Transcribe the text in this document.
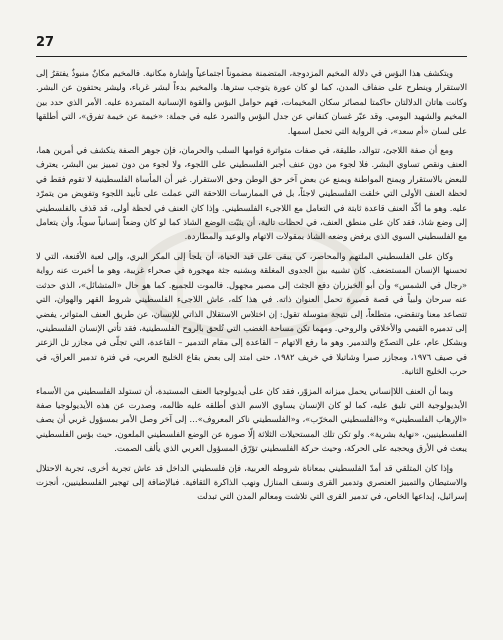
27

ويتكشف هذا البؤس في دلالة المخيم المزدوجة، المتضمنة مضموناً اجتماعياً وإشارة مكانية. فالمخيم مكانٌ منبوذٌ يفتقرُ إلى الاستقرار وينطرح على ضفاف المدن، كما لو كان عورة يتوجب سترها. والمخيم بدءاً لبشر غرباء، وليشر يحتفون عن البشر. وكانت هاتان الدلالتان حاكمتا لمصائر سكان المخيمات، فهم حوامل البؤس والقوة الإنسانية المتمردة عليه. الأمر الذي حدد بين المخيم والشهيد اليومي. وقد عبّر غسان كنفاني عن جدل البؤس والتمرد عليه في جملة: «خيمة عن خيمة تفرق»، التي أطلقها على لسان «أم سعد»، في الرواية التي تحمل اسمها.

ومع أن صفة اللاجئ، تتوالد، طليقة، في صفات متواترة قوامها السلب والحرمان، فإن جوهر الصفة ينكشف في أمرين هما، العنف ونقص تساوي البشر. فلا لجوء من دون عنف أجبر الفلسطيني على اللجوء، ولا لجوء من دون تمييز بين البشر، يعترف للبعض بالاستقرار ويمنح المواطنة ويمنع عن بعض آخر حق الوطن وحق الاستقرار. غير أن المأساة الفلسطينية لا تقوم فقط في لحظة العنف الأولى التي خلقت الفلسطيني لاجئاً، بل في الممارسات اللاحقة التي عملت على تأبيد اللجوء وتفويض من يتمرّد عليه. وهو ما أكّد العنف قاعدة ثابتة في التعامل مع اللاجىء الفلسطيني. وإذا كان العنف في لحظة أولى، قد قذف بالفلسطيني إلى وضع شاذ، فقد كان على منطق العنف، في لحظات تالية، أن يثبّت الوضع الشاذ كما لو كان وضعاً إنسانياً سوياً، وأن يتعامل مع الفلسطيني السوي الذي يرفض وضعه الشاذ بمقولات الاتهام والوعيد والمطاردة.

وكان على الفلسطيني الملتهم والمحاصر، كي يبقى على قيد الحياة، أن يلجأ إلى المكر البري، وإلى لعبة الأقنعة، التي لا تحسنها الإنسان المستضعف. كان تشبيه بين الجدوى المغلقة وبشنبه جثة مهجورة في صحراء غريبة، وهو ما أخبرت عنه رواية «رجال في الشمس» وأن أبو الخيزران دفع الجثث إلى مصير مجهول. فالموت للجميع. كما هو حال «المتشائل»، الذي حدثت عنه سرحان ولبياً في قصة قصيرة تحمل العنوان ذاته. في هذا كله، عاش اللاجىء الفلسطيني شروط القهر والهوان، التي تتصاعد معنا وتنقضي، متطلعاً، إلى نتيجة متوسلة تقول: إن اختلاس الاستقلال الذاتي للإنسان، عن طريق العنف المتواتر، يفضي إلى تدميره القيمي والأخلاقي والروحي. ومهما تكن مساحة الغضب التي تُلحق بالروح الفلسطينية، فقد تأتي الإنسان الفلسطيني، وبشكل عام، على التصدّع والتدمير. وهو ما رفع الاتهام – القاعدة إلى مقام التدمير – القاعدة، التي تجلّى في مجازر تل الزعتر في صيف ١٩٧٦، ومجازر صبرا وشاتيلا في خريف ١٩٨٢، حتى امتد إلى بعض بقاع الخليج العربي، في فترة تدمير العراق، في حرب الخليج الثانية.

وبما أن العنف اللاإنساني يحمل ميزانه المزوّر، فقد كان على أيديولوجيا العنف المستبدة، أن تستولد الفلسطيني من الأسماء الأيديولوجية التي تليق عليه، كما لو كان الإنسان يساوي الاسم الذي أطلقه عليه ظالمه، وصدرت عن هذه الأيديولوجيا صفة «الإرهاب الفلسطيني» و«الفلسطيني المخرّب»، و«الفلسطيني ناكر المعروف»… إلى آخر وصل الأمر بمسؤول غربي أن يصف الفلسطينيين، «نهاية بشرية». ولو تكن تلك المستحيلات الثلاثة إلّا صورة عن الوضع الفلسطيني الملعون، حيث بؤس الفلسطيني يبعث في الأرق ويحجبه على الحركة، وحيث حركة الفلسطيني تؤرّق المسؤول العربي الذي يألف الصمت.

وإذا كان المتلقي قد أمدّ الفلسطيني بمعاناة شروطه العربية، فإن فلسطيني الداخل قد عاش تجربة أخرى، تجربة الاحتلال والاستيطان والتمييز العنصري وتدمير القرى ونسف المنازل ونهب الذاكرة الثقافية. فبالإضافة إلى تهجير الفلسطينيين، أنجزت إسرائيل، إبداعها الخاص، في تدمير القرى التي تلاشت ومعالم المدن التي تبدلت
